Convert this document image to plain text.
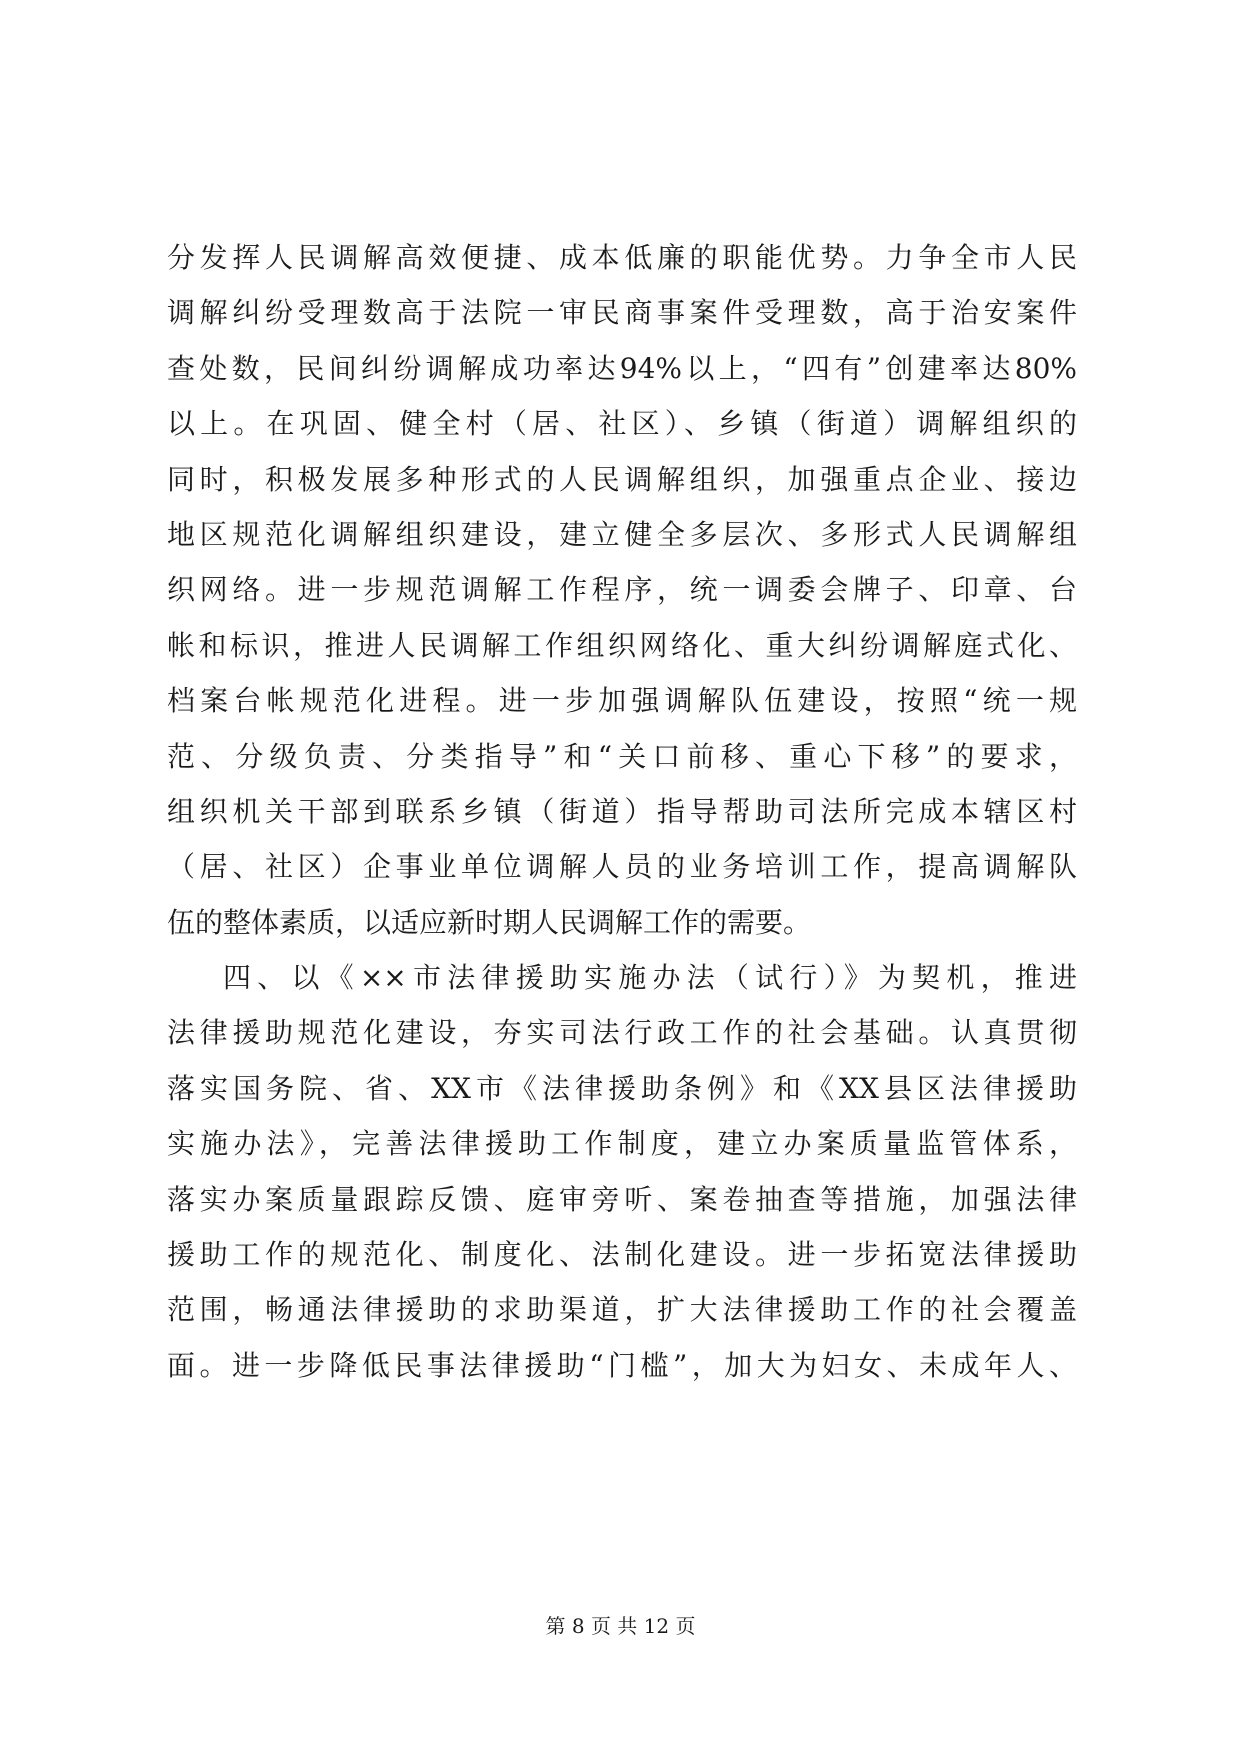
分发挥人民调解高效便捷、成本低廉的职能优势。力争全市人民
调解纠纷受理数高于法院一审民商事案件受理数，高于治安案件
查处数，民间纠纷调解成功率达94%以上，“四有”创建率达80%
以上。在巩固、健全村（居、社区）、乡镇（街道）调解组织的
同时，积极发展多种形式的人民调解组织，加强重点企业、接边
地区规范化调解组织建设，建立健全多层次、多形式人民调解组
织网络。进一步规范调解工作程序，统一调委会牌子、印章、台
帐和标识，推进人民调解工作组织网络化、重大纠纷调解庭式化、
档案台帐规范化进程。进一步加强调解队伍建设，按照“统一规
范、分级负责、分类指导”和“关口前移、重心下移”的要求，
组织机关干部到联系乡镇（街道）指导帮助司法所完成本辖区村
（居、社区）企事业单位调解人员的业务培训工作，提高调解队
伍的整体素质，以适应新时期人民调解工作的需要。
四、以《××市法律援助实施办法（试行）》为契机，推进
法律援助规范化建设，夯实司法行政工作的社会基础。认真贯彻
落实国务院、省、XX市《法律援助条例》和《XX县区法律援助
实施办法》，完善法律援助工作制度，建立办案质量监管体系，
落实办案质量跟踪反馈、庭审旁听、案卷抽查等措施，加强法律
援助工作的规范化、制度化、法制化建设。进一步拓宽法律援助
范围，畅通法律援助的求助渠道，扩大法律援助工作的社会覆盖
面。进一步降低民事法律援助“门槛”，加大为妇女、未成年人、
第 8 页 共 12 页
